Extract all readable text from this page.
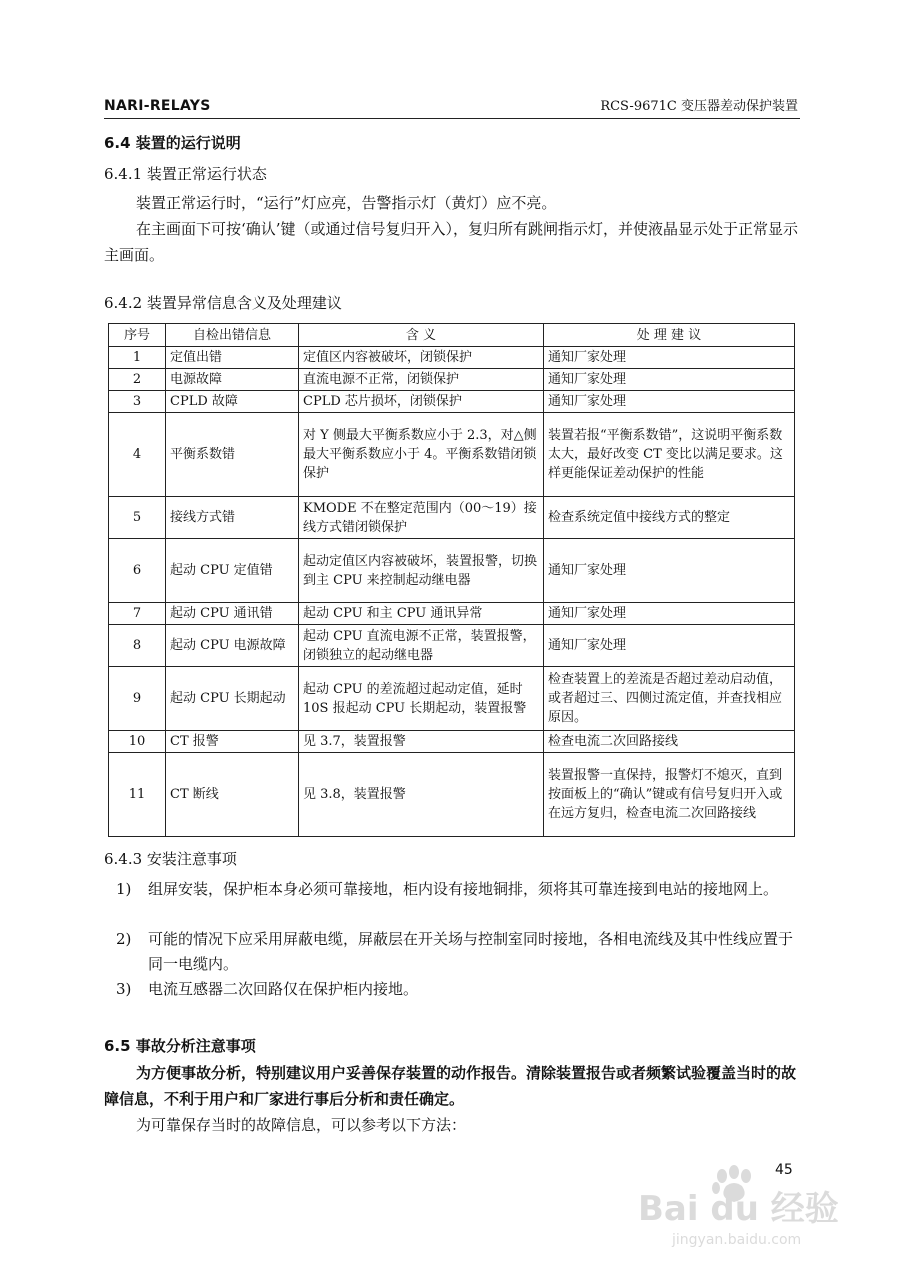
NARI-RELAYS	RCS-9671C 变压器差动保护装置
6.4 装置的运行说明
6.4.1 装置正常运行状态

装置正常运行时，“运行”灯应亮，告警指示灯（黄灯）应不亮。

在主画面下可按‘确认’键（或通过信号复归开入），复归所有跳闸指示灯，并使液晶显示处于正常显示主画面。

6.4.2 装置异常信息含义及处理建议
序号	自检出错信息	含 义	处 理 建 议
1	定值出错	定值区内容被破坏，闭锁保护	通知厂家处理
2	电源故障	直流电源不正常，闭锁保护	通知厂家处理
3	CPLD 故障	CPLD 芯片损坏，闭锁保护	通知厂家处理
4	平衡系数错	对 Y 侧最大平衡系数应小于 2.3，对△侧最大平衡系数应小于 4。平衡系数错闭锁保护	装置若报“平衡系数错”，这说明平衡系数太大，最好改变 CT 变比以满足要求。这样更能保证差动保护的性能
5	接线方式错	KMODE 不在整定范围内（00～19）接线方式错闭锁保护	检查系统定值中接线方式的整定
6	起动 CPU 定值错	起动定值区内容被破坏，装置报警，切换到主 CPU 来控制起动继电器	通知厂家处理
7	起动 CPU 通讯错	起动 CPU 和主 CPU 通讯异常	通知厂家处理
8	起动 CPU 电源故障	起动 CPU 直流电源不正常，装置报警，闭锁独立的起动继电器	通知厂家处理
9	起动 CPU 长期起动	起动 CPU 的差流超过起动定值，延时 10S 报起动 CPU 长期起动，装置报警	检查装置上的差流是否超过差动启动值，或者超过三、四侧过流定值，并查找相应原因。
10	CT 报警	见 3.7，装置报警	检查电流二次回路接线
11	CT 断线	见 3.8，装置报警	装置报警一直保持，报警灯不熄灭，直到按面板上的“确认”键或有信号复归开入或在远方复归，检查电流二次回路接线
6.4.3 安装注意事项
1) 组屏安装，保护柜本身必须可靠接地，柜内设有接地铜排，须将其可靠连接到电站的接地网上。

2) 可能的情况下应采用屏蔽电缆，屏蔽层在开关场与控制室同时接地，各相电流线及其中性线应置于同一电缆内。

3) 电流互感器二次回路仅在保护柜内接地。

6.5 事故分析注意事项

为方便事故分析，特别建议用户妥善保存装置的动作报告。清除装置报告或者频繁试验覆盖当时的故障信息，不利于用户和厂家进行事后分析和责任确定。

为可靠保存当时的故障信息，可以参考以下方法：

45
Bai du 经验
jingyan.baidu.com
